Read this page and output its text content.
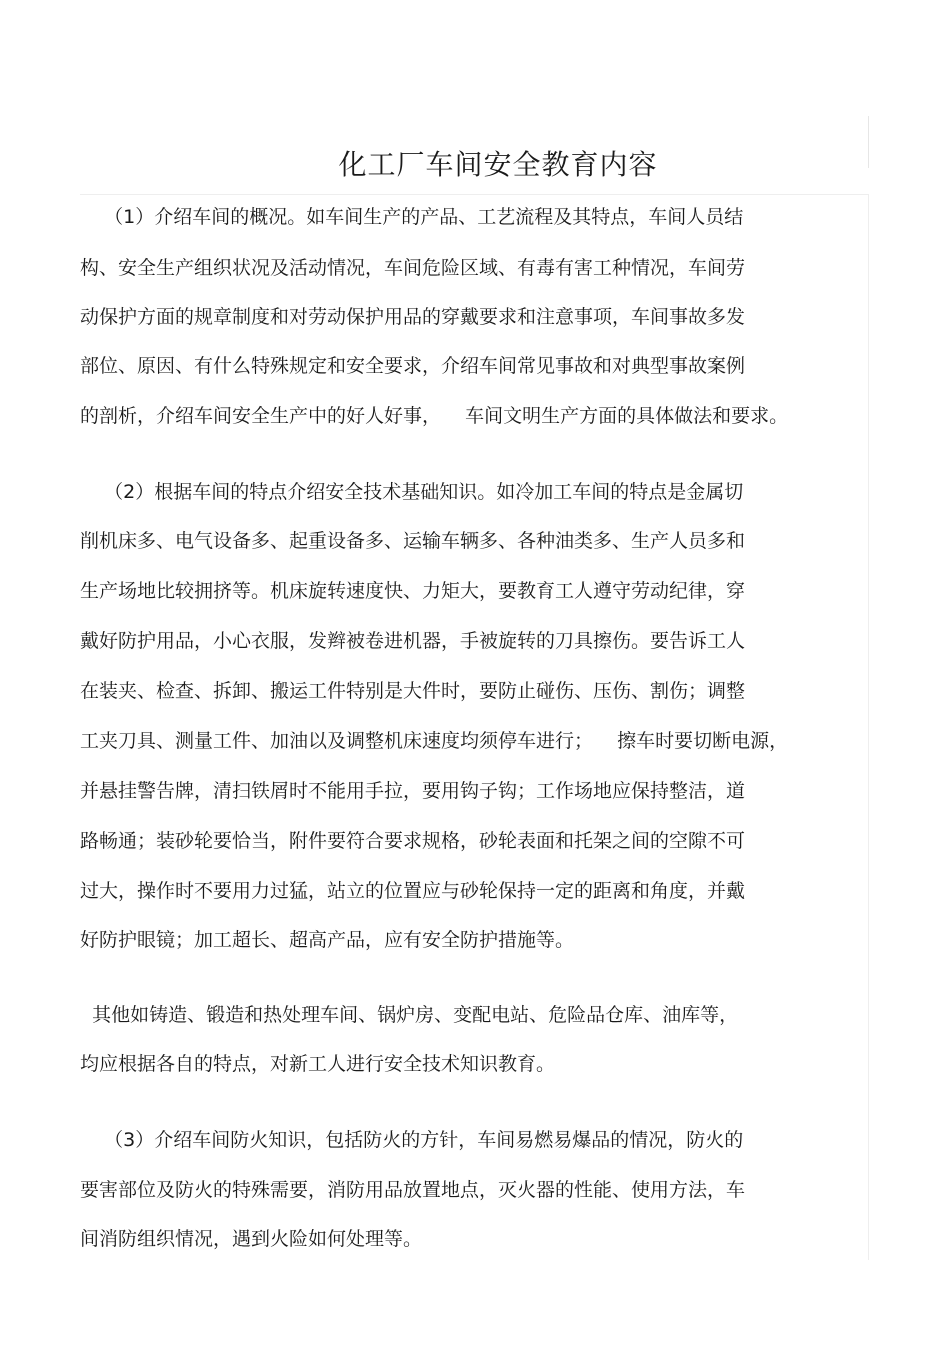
化工厂车间安全教育内容
（1）介绍车间的概况。如车间生产的产品、工艺流程及其特点，车间人员结
构、安全生产组织状况及活动情况，车间危险区域、有毒有害工种情况，车间劳
动保护方面的规章制度和对劳动保护用品的穿戴要求和注意事项，车间事故多发
部位、原因、有什么特殊规定和安全要求，介绍车间常见事故和对典型事故案例
的剖析，介绍车间安全生产中的好人好事，    车间文明生产方面的具体做法和要求。
（2）根据车间的特点介绍安全技术基础知识。如冷加工车间的特点是金属切
削机床多、电气设备多、起重设备多、运输车辆多、各种油类多、生产人员多和
生产场地比较拥挤等。机床旋转速度快、力矩大，要教育工人遵守劳动纪律，穿
戴好防护用品，小心衣服，发辫被卷进机器，手被旋转的刀具擦伤。要告诉工人
在装夹、检查、拆卸、搬运工件特别是大件时，要防止碰伤、压伤、割伤；调整
工夹刀具、测量工件、加油以及调整机床速度均须停车进行；    擦车时要切断电源，
并悬挂警告牌，清扫铁屑时不能用手拉，要用钩子钩；工作场地应保持整洁，道
路畅通；装砂轮要恰当，附件要符合要求规格，砂轮表面和托架之间的空隙不可
过大，操作时不要用力过猛，站立的位置应与砂轮保持一定的距离和角度，并戴
好防护眼镜；加工超长、超高产品，应有安全防护措施等。
其他如铸造、锻造和热处理车间、锅炉房、变配电站、危险品仓库、油库等，
均应根据各自的特点，对新工人进行安全技术知识教育。
（3）介绍车间防火知识，包括防火的方针，车间易燃易爆品的情况，防火的
要害部位及防火的特殊需要，消防用品放置地点，灭火器的性能、使用方法，车
间消防组织情况，遇到火险如何处理等。
